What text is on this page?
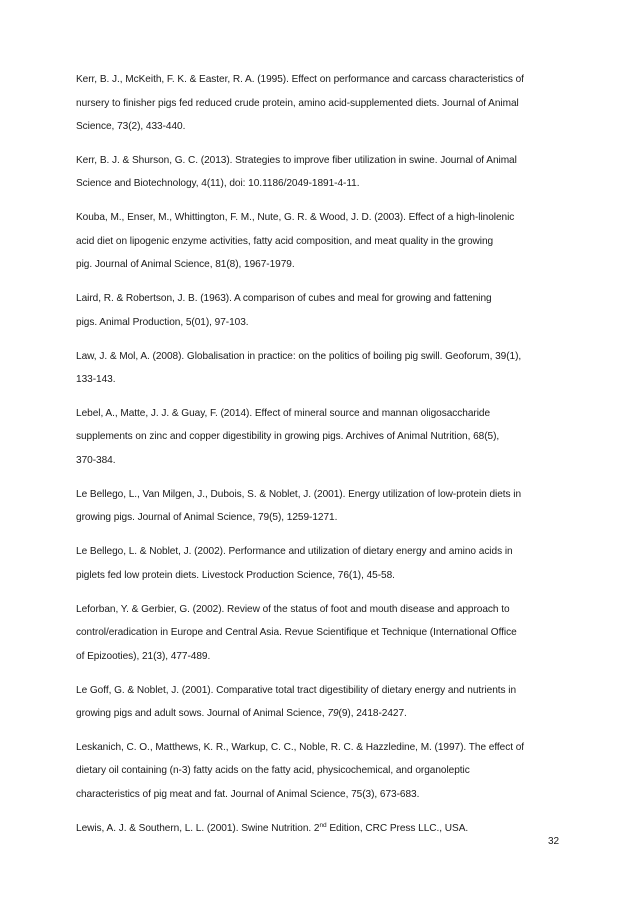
Kerr, B. J., McKeith, F. K. & Easter, R. A. (1995). Effect on performance and carcass characteristics of
nursery to finisher pigs fed reduced crude protein, amino acid-supplemented diets. Journal of Animal
Science, 73(2), 433-440.

Kerr, B. J. & Shurson, G. C. (2013). Strategies to improve fiber utilization in swine. Journal of Animal
Science and Biotechnology, 4(11), doi: 10.1186/2049-1891-4-11.

Kouba, M., Enser, M., Whittington, F. M., Nute, G. R. & Wood, J. D. (2003). Effect of a high-linolenic
acid diet on lipogenic enzyme activities, fatty acid composition, and meat quality in the growing
pig. Journal of Animal Science, 81(8), 1967-1979.

Laird, R. & Robertson, J. B. (1963). A comparison of cubes and meal for growing and fattening
pigs. Animal Production, 5(01), 97-103.

Law, J. & Mol, A. (2008). Globalisation in practice: on the politics of boiling pig swill. Geoforum, 39(1),
133-143.

Lebel, A., Matte, J. J. & Guay, F. (2014). Effect of mineral source and mannan oligosaccharide
supplements on zinc and copper digestibility in growing pigs. Archives of Animal Nutrition, 68(5),
370-384.

Le Bellego, L., Van Milgen, J., Dubois, S. & Noblet, J. (2001). Energy utilization of low-protein diets in
growing pigs. Journal of Animal Science, 79(5), 1259-1271.

Le Bellego, L. & Noblet, J. (2002). Performance and utilization of dietary energy and amino acids in
piglets fed low protein diets. Livestock Production Science, 76(1), 45-58.

Leforban, Y. & Gerbier, G. (2002). Review of the status of foot and mouth disease and approach to
control/eradication in Europe and Central Asia. Revue Scientifique et Technique (International Office
of Epizooties), 21(3), 477-489.

Le Goff, G. & Noblet, J. (2001). Comparative total tract digestibility of dietary energy and nutrients in
growing pigs and adult sows. Journal of Animal Science, 79(9), 2418-2427.

Leskanich, C. O., Matthews, K. R., Warkup, C. C., Noble, R. C. & Hazzledine, M. (1997). The effect of
dietary oil containing (n-3) fatty acids on the fatty acid, physicochemical, and organoleptic
characteristics of pig meat and fat. Journal of Animal Science, 75(3), 673-683.

Lewis, A. J. & Southern, L. L. (2001). Swine Nutrition. 2nd Edition, CRC Press LLC., USA.

32
